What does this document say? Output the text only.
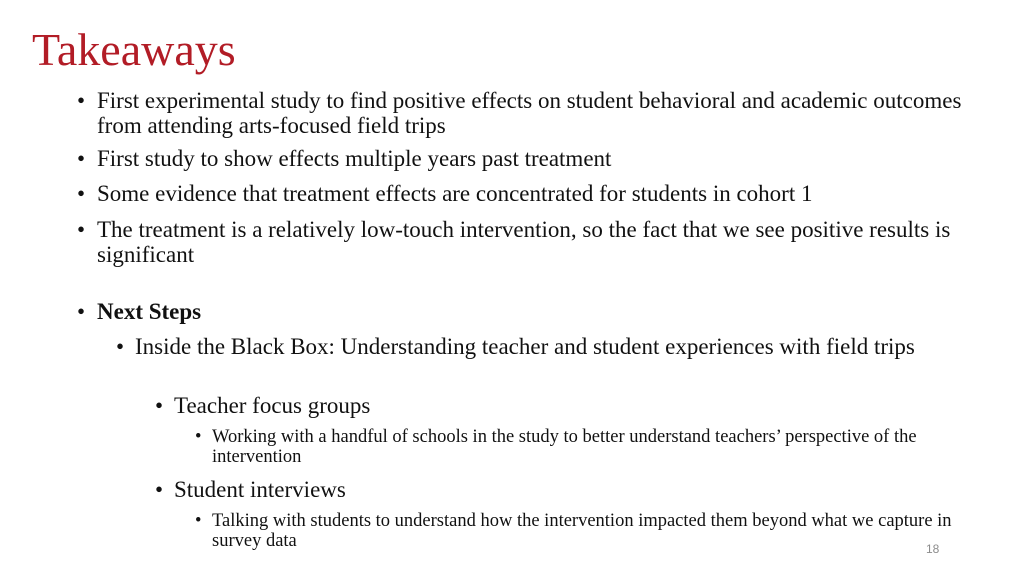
Takeaways
• First experimental study to find positive effects on student behavioral and academic outcomes from attending arts-focused field trips
• First study to show effects multiple years past treatment
• Some evidence that treatment effects are concentrated for students in cohort 1
• The treatment is a relatively low-touch intervention, so the fact that we see positive results is significant
• Next Steps
• Inside the Black Box: Understanding teacher and student experiences with field trips
• Teacher focus groups
• Working with a handful of schools in the study to better understand teachers’ perspective of the intervention
• Student interviews
• Talking with students to understand how the intervention impacted them beyond what we capture in survey data	18
